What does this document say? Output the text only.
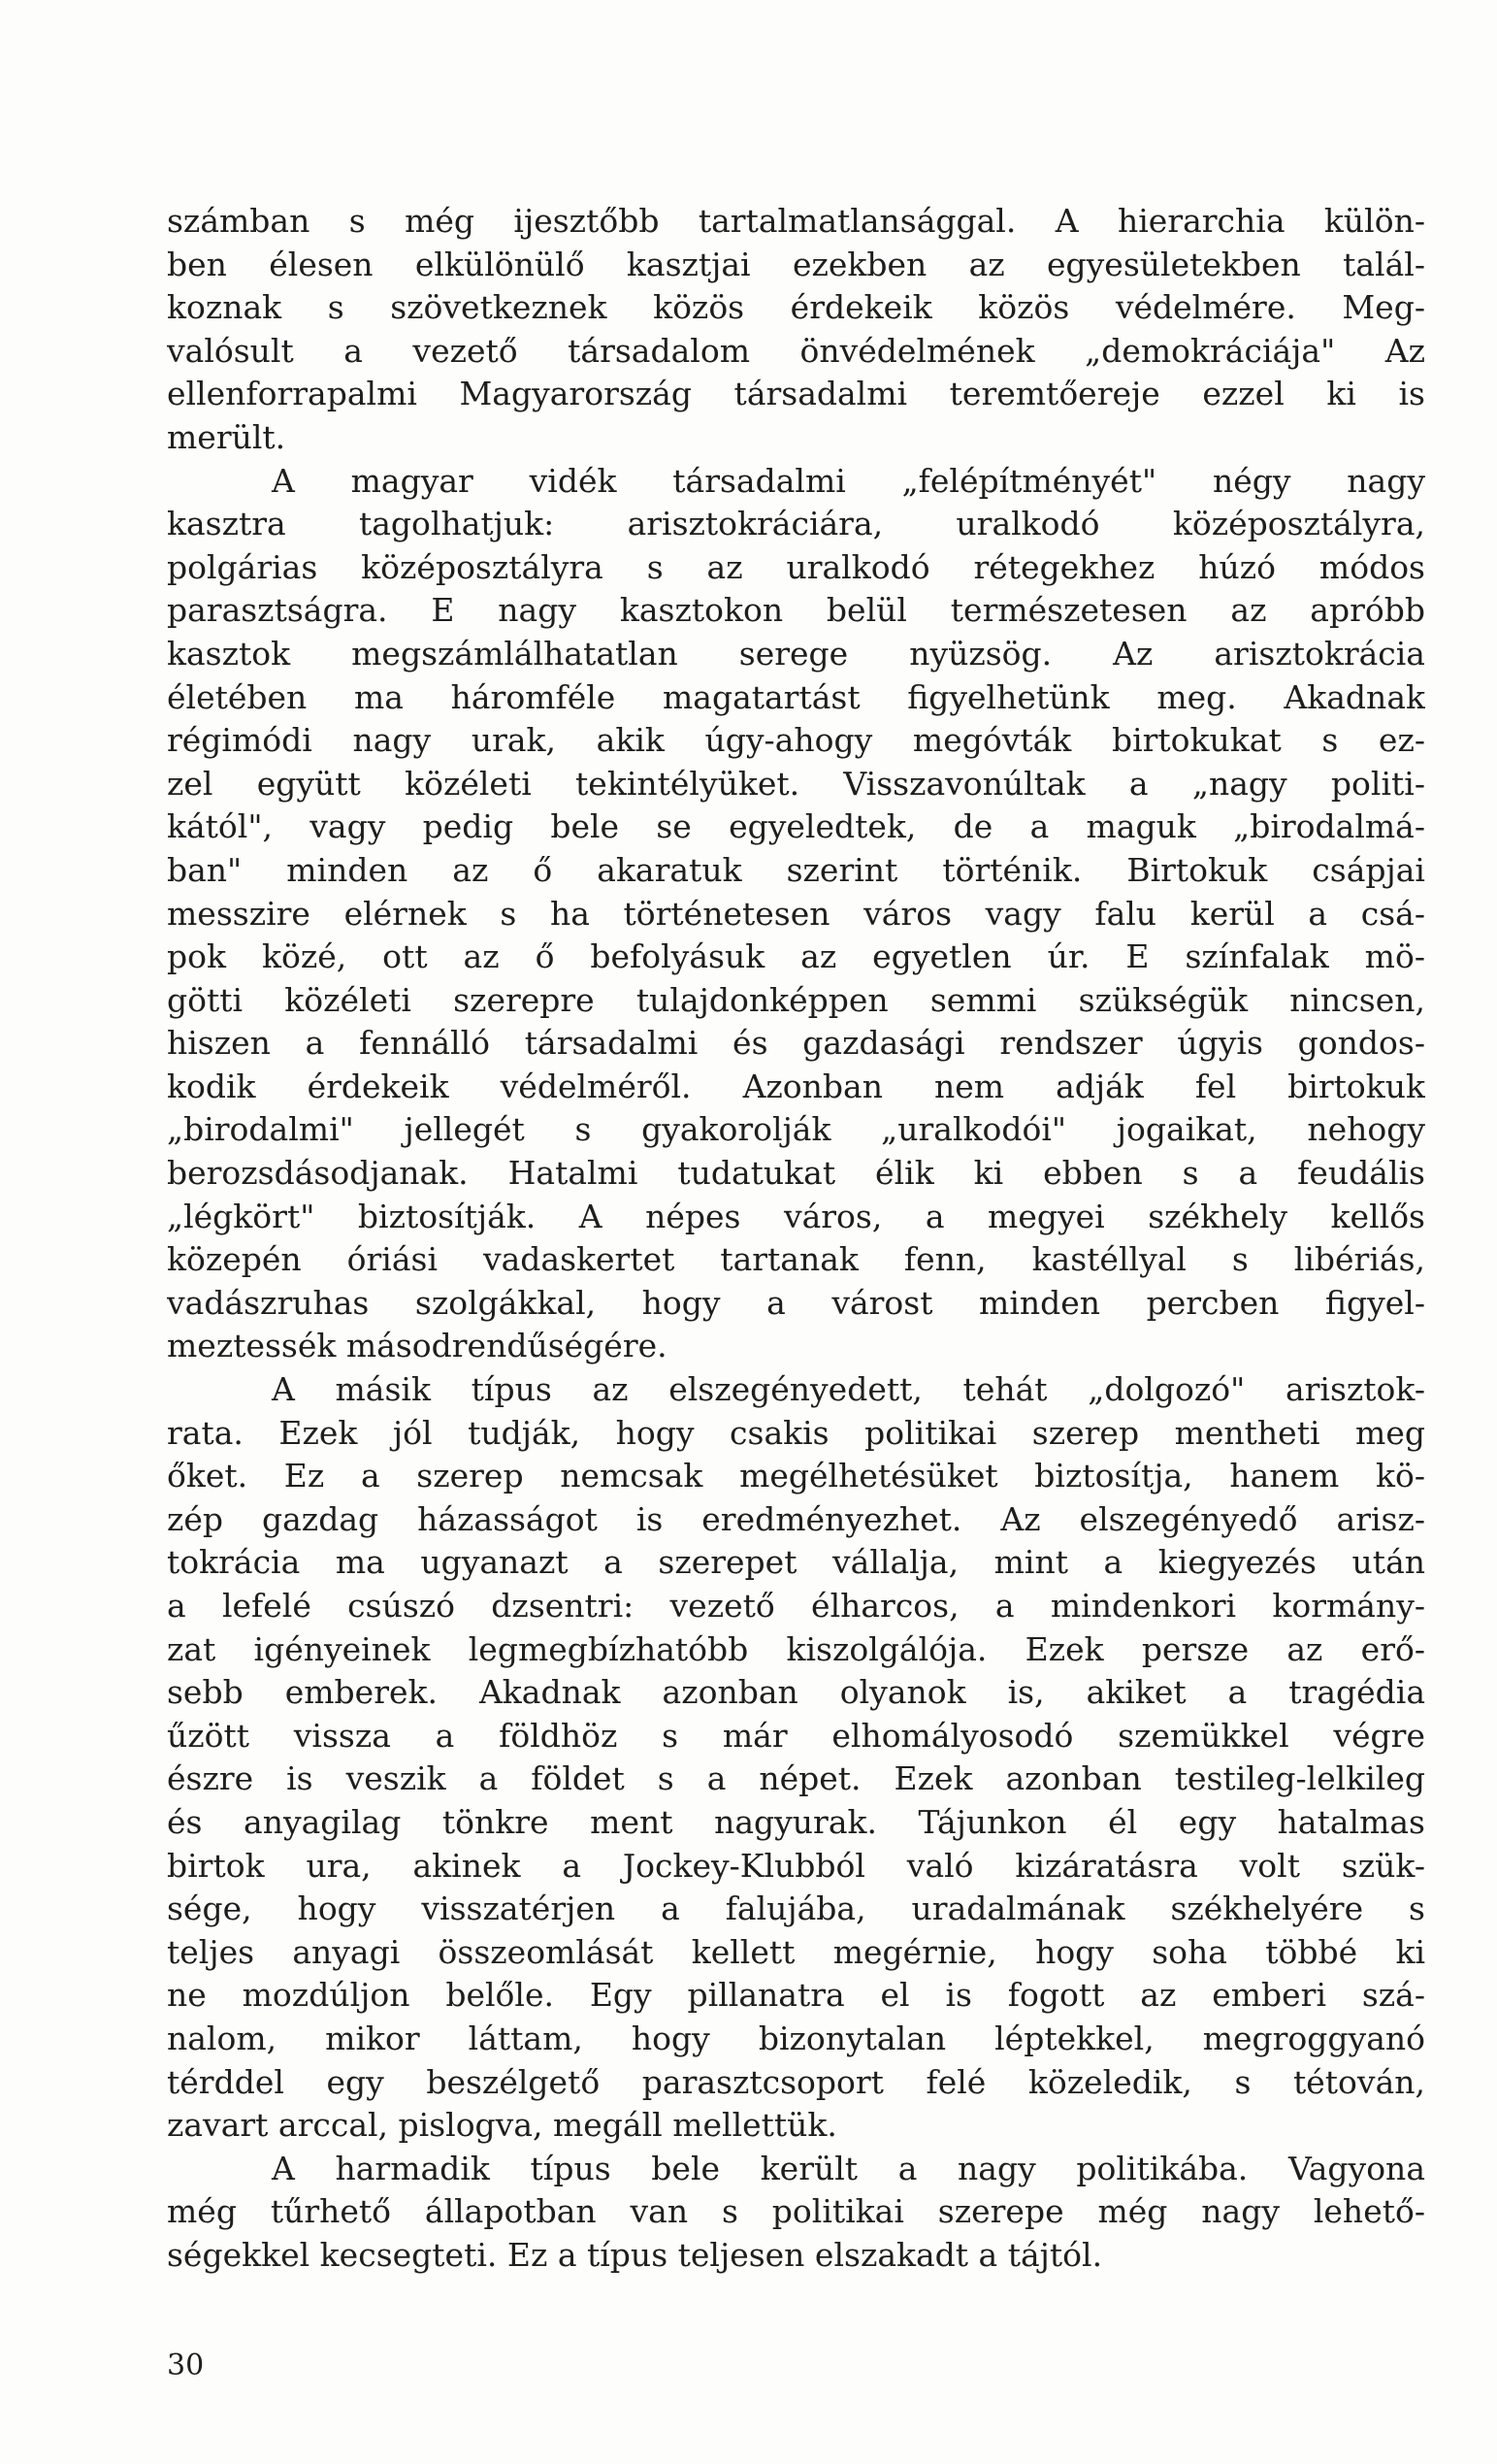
számban s még ijesztőbb tartalmatlansággal. A hierarchia külön-
ben élesen elkülönülő kasztjai ezekben az egyesületekben talál-
koznak s szövetkeznek közös érdekeik közös védelmére. Meg-
valósult a vezető társadalom önvédelmének „demokráciája" Az
ellenforrapalmi Magyarország társadalmi teremtőereje ezzel ki is
merült.
A magyar vidék társadalmi „felépítményét" négy nagy
kasztra tagolhatjuk: arisztokráciára, uralkodó középosztályra,
polgárias középosztályra s az uralkodó rétegekhez húzó módos
parasztságra. E nagy kasztokon belül természetesen az apróbb
kasztok megszámlálhatatlan serege nyüzsög. Az arisztokrácia
életében ma háromféle magatartást figyelhetünk meg. Akadnak
régimódi nagy urak, akik úgy-ahogy megóvták birtokukat s ez-
zel együtt közéleti tekintélyüket. Visszavonúltak a „nagy politi-
kától", vagy pedig bele se egyeledtek, de a maguk „birodalmá-
ban" minden az ő akaratuk szerint történik. Birtokuk csápjai
messzire elérnek s ha történetesen város vagy falu kerül a csá-
pok közé, ott az ő befolyásuk az egyetlen úr. E színfalak mö-
götti közéleti szerepre tulajdonképpen semmi szükségük nincsen,
hiszen a fennálló társadalmi és gazdasági rendszer úgyis gondos-
kodik érdekeik védelméről. Azonban nem adják fel birtokuk
„birodalmi" jellegét s gyakorolják „uralkodói" jogaikat, nehogy
berozsdásodjanak. Hatalmi tudatukat élik ki ebben s a feudális
„légkört" biztosítják. A népes város, a megyei székhely kellős
közepén óriási vadaskertet tartanak fenn, kastéllyal s libériás,
vadászruhas szolgákkal, hogy a várost minden percben figyel-
meztessék másodrendűségére.
A másik típus az elszegényedett, tehát „dolgozó" arisztok-
rata. Ezek jól tudják, hogy csakis politikai szerep mentheti meg
őket. Ez a szerep nemcsak megélhetésüket biztosítja, hanem kö-
zép gazdag házasságot is eredményezhet. Az elszegényedő arisz-
tokrácia ma ugyanazt a szerepet vállalja, mint a kiegyezés után
a lefelé csúszó dzsentri: vezető élharcos, a mindenkori kormány-
zat igényeinek legmegbízhatóbb kiszolgálója. Ezek persze az erő-
sebb emberek. Akadnak azonban olyanok is, akiket a tragédia
űzött vissza a földhöz s már elhomályosodó szemükkel végre
észre is veszik a földet s a népet. Ezek azonban testileg-lelkileg
és anyagilag tönkre ment nagyurak. Tájunkon él egy hatalmas
birtok ura, akinek a Jockey-Klubból való kizáratásra volt szük-
sége, hogy visszatérjen a falujába, uradalmának székhelyére s
teljes anyagi összeomlását kellett megérnie, hogy soha többé ki
ne mozdúljon belőle. Egy pillanatra el is fogott az emberi szá-
nalom, mikor láttam, hogy bizonytalan léptekkel, megroggyanó
térddel egy beszélgető parasztcsoport felé közeledik, s tétován,
zavart arccal, pislogva, megáll mellettük.
A harmadik típus bele került a nagy politikába. Vagyona
még tűrhető állapotban van s politikai szerepe még nagy lehető-
ségekkel kecsegteti. Ez a típus teljesen elszakadt a tájtól.
30
